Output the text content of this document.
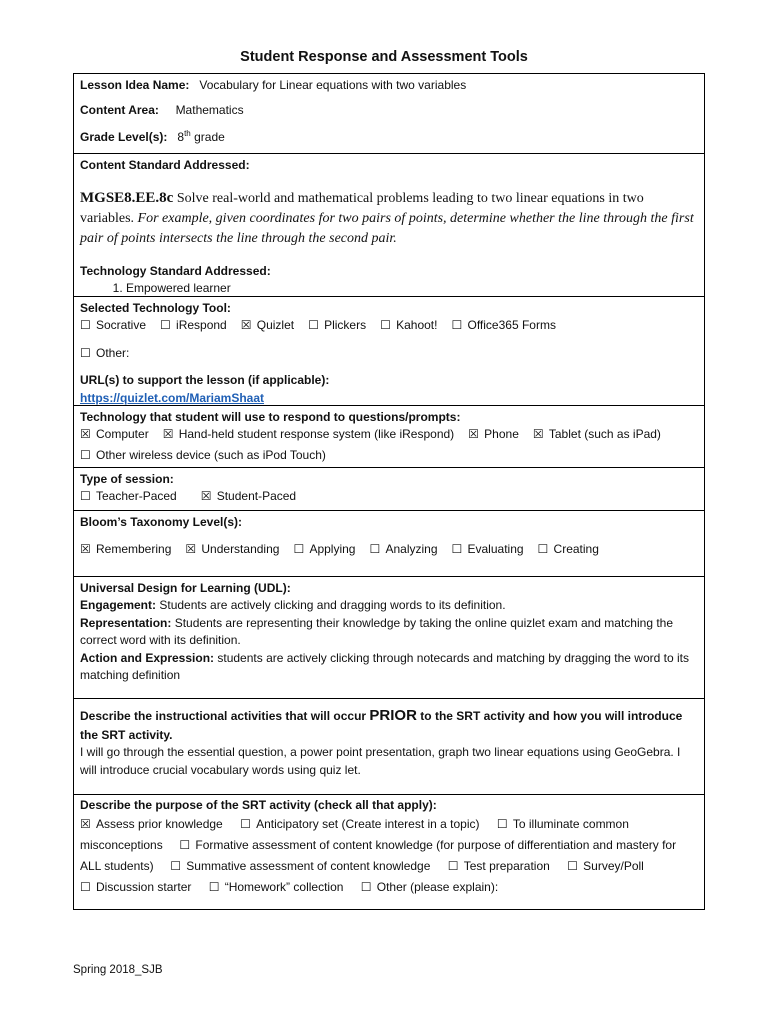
Student Response and Assessment Tools
Lesson Idea Name: Vocabulary for Linear equations with two variables
Content Area: Mathematics
Grade Level(s): 8th grade
Content Standard Addressed:
MGSE8.EE.8c Solve real-world and mathematical problems leading to two linear equations in two variables. For example, given coordinates for two pairs of points, determine whether the line through the first pair of points intersects the line through the second pair.
Technology Standard Addressed:
1. Empowered learner
Selected Technology Tool:
☐ Socrative ☐ iRespond ☒ Quizlet ☐ Plickers ☐ Kahoot! ☐ Office365 Forms
☐ Other:
URL(s) to support the lesson (if applicable):
https://quizlet.com/MariamShaat
Technology that student will use to respond to questions/prompts:
☒ Computer ☒ Hand-held student response system (like iRespond) ☒ Phone ☒ Tablet (such as iPad)
☐ Other wireless device (such as iPod Touch)
Type of session:
☐ Teacher-Paced ☒ Student-Paced
Bloom’s Taxonomy Level(s):
☒ Remembering ☒ Understanding ☐ Applying ☐ Analyzing ☐ Evaluating ☐ Creating
Universal Design for Learning (UDL):
Engagement: Students are actively clicking and dragging words to its definition.
Representation: Students are representing their knowledge by taking the online quizlet exam and matching the correct word with its definition.
Action and Expression: students are actively clicking through notecards and matching by dragging the word to its matching definition
Describe the instructional activities that will occur PRIOR to the SRT activity and how you will introduce the SRT activity.
I will go through the essential question, a power point presentation, graph two linear equations using GeoGebra. I will introduce crucial vocabulary words using quiz let.
Describe the purpose of the SRT activity (check all that apply):
☒ Assess prior knowledge ☐ Anticipatory set (Create interest in a topic) ☐ To illuminate common misconceptions ☐ Formative assessment of content knowledge (for purpose of differentiation and mastery for ALL students) ☐ Summative assessment of content knowledge ☐ Test preparation ☐ Survey/Poll ☐ Discussion starter ☐ “Homework” collection ☐ Other (please explain):
Spring 2018_SJB
